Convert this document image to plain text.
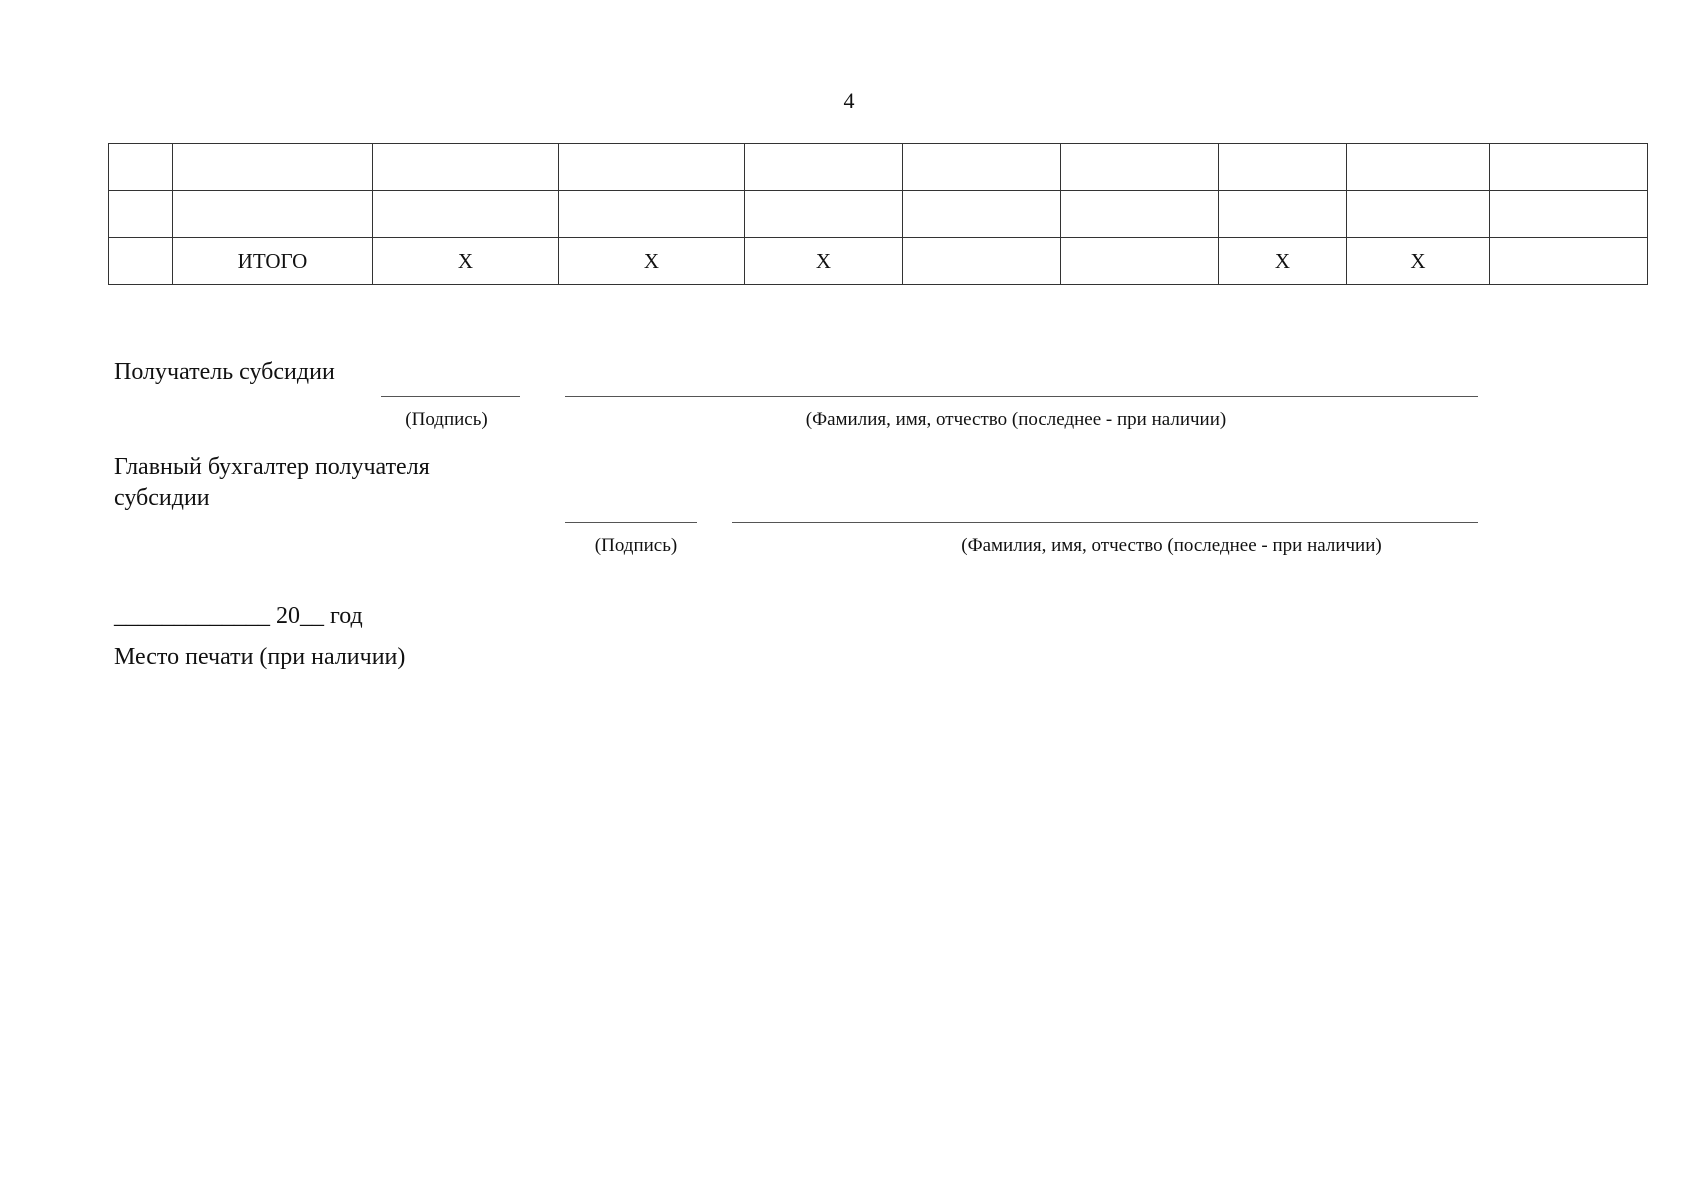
4

	ИТОГО	Х	Х	Х			Х	Х	
Получатель субсидии
(Подпись)	(Фамилия, имя, отчество (последнее - при наличии)
Главный бухгалтер получателя
субсидии
(Подпись)	(Фамилия, имя, отчество (последнее - при наличии)
_____________ 20__ год
Место печати (при наличии)
